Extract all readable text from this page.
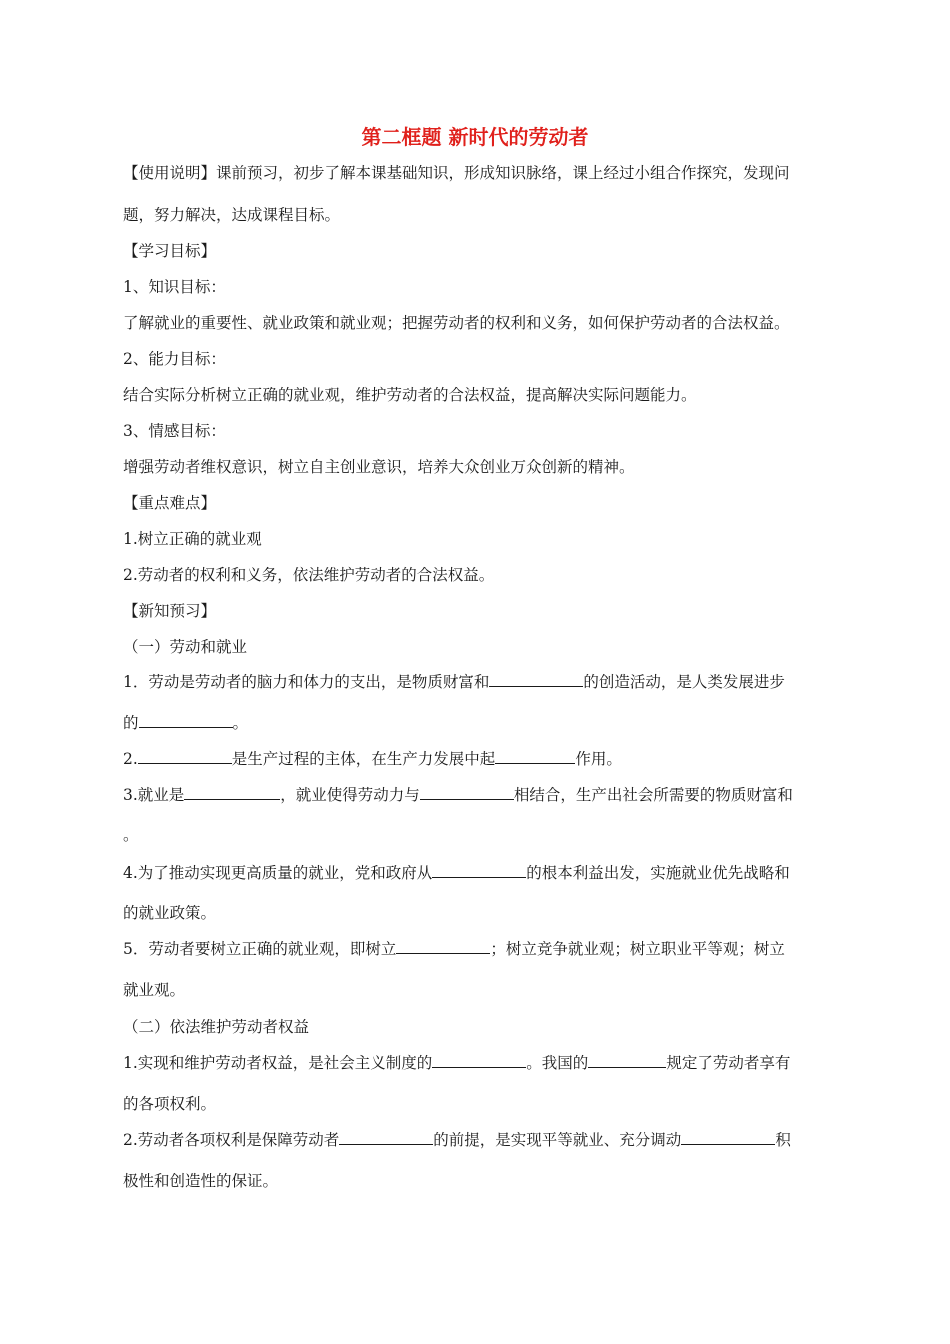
第二框题 新时代的劳动者
【使用说明】课前预习，初步了解本课基础知识，形成知识脉络，课上经过小组合作探究，发现问
题，努力解决，达成课程目标。
【学习目标】
1、知识目标：
了解就业的重要性、就业政策和就业观；把握劳动者的权利和义务，如何保护劳动者的合法权益。
2、能力目标：
结合实际分析树立正确的就业观，维护劳动者的合法权益，提高解决实际问题能力。
3、情感目标：
增强劳动者维权意识，树立自主创业意识，培养大众创业万众创新的精神。
【重点难点】
1.树立正确的就业观
2.劳动者的权利和义务，依法维护劳动者的合法权益。
【新知预习】
（一）劳动和就业
1．劳动是劳动者的脑力和体力的支出，是物质财富和	的创造活动，是人类发展进步
的	。
2.	是生产过程的主体，在生产力发展中起	作用。
3.就业是	，就业使得劳动力与	相结合，生产出社会所需要的物质财富和
。
4.为了推动实现更高质量的就业，党和政府从	的根本利益出发，实施就业优先战略和
的就业政策。
5．劳动者要树立正确的就业观，即树立	；树立竞争就业观；树立职业平等观；树立
就业观。
（二）依法维护劳动者权益
1.实现和维护劳动者权益，是社会主义制度的	。我国的	规定了劳动者享有
的各项权利。
2.劳动者各项权利是保障劳动者	的前提，是实现平等就业、充分调动	积
极性和创造性的保证。
